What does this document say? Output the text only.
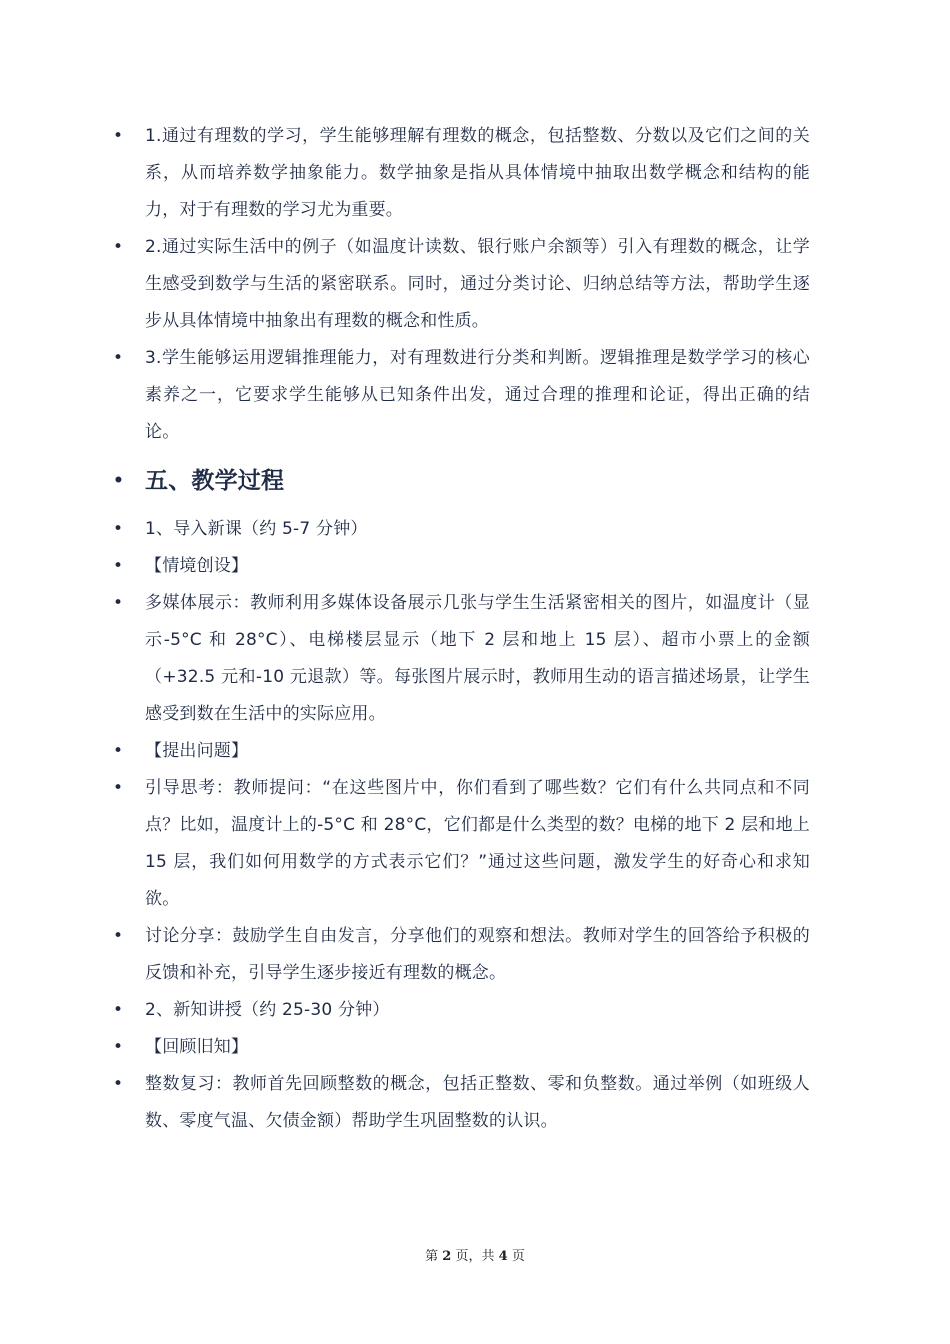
• 1.通过有理数的学习，学生能够理解有理数的概念，包括整数、分数以及它们之间的关系，从而培养数学抽象能力。数学抽象是指从具体情境中抽取出数学概念和结构的能力，对于有理数的学习尤为重要。
• 2.通过实际生活中的例子（如温度计读数、银行账户余额等）引入有理数的概念，让学生感受到数学与生活的紧密联系。同时，通过分类讨论、归纳总结等方法，帮助学生逐步从具体情境中抽象出有理数的概念和性质。
• 3.学生能够运用逻辑推理能力，对有理数进行分类和判断。逻辑推理是数学学习的核心素养之一，它要求学生能够从已知条件出发，通过合理的推理和论证，得出正确的结论。
• 五、教学过程
• 1、导入新课（约 5-7 分钟）
• 【情境创设】
• 多媒体展示：教师利用多媒体设备展示几张与学生生活紧密相关的图片，如温度计（显示-5°C 和 28°C）、电梯楼层显示（地下 2 层和地上 15 层）、超市小票上的金额（+32.5 元和-10 元退款）等。每张图片展示时，教师用生动的语言描述场景，让学生感受到数在生活中的实际应用。
• 【提出问题】
• 引导思考：教师提问：“在这些图片中，你们看到了哪些数？它们有什么共同点和不同点？比如，温度计上的-5°C 和 28°C，它们都是什么类型的数？电梯的地下 2 层和地上 15 层，我们如何用数学的方式表示它们？”通过这些问题，激发学生的好奇心和求知欲。
• 讨论分享：鼓励学生自由发言，分享他们的观察和想法。教师对学生的回答给予积极的反馈和补充，引导学生逐步接近有理数的概念。
• 2、新知讲授（约 25-30 分钟）
• 【回顾旧知】
• 整数复习：教师首先回顾整数的概念，包括正整数、零和负整数。通过举例（如班级人数、零度气温、欠债金额）帮助学生巩固整数的认识。
第 2 页，共 4 页
